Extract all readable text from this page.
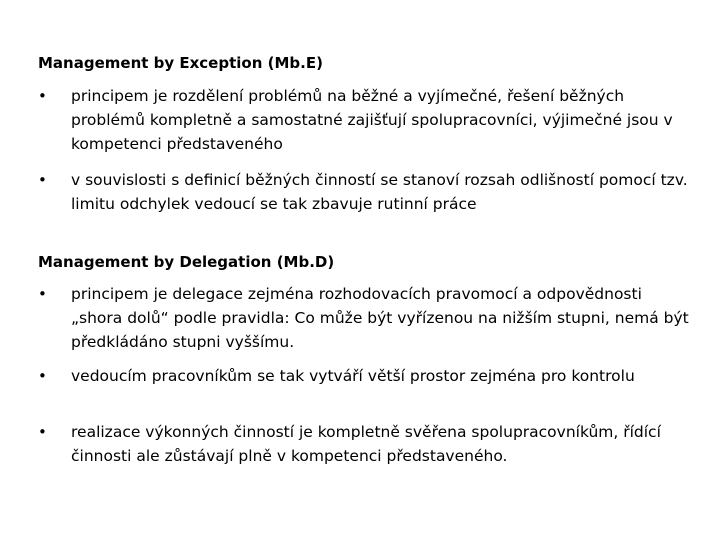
Management by Exception (Mb.E)
• principem je rozdělení problémů na běžné a vyjímečné, řešení běžných problémů kompletně a samostatné zajišťují spolupracovníci, výjimečné jsou v kompetenci představeného
• v souvislosti s definicí běžných činností se stanoví rozsah odlišností pomocí tzv. limitu odchylek vedoucí se tak zbavuje rutinní práce
Management by Delegation (Mb.D)
• principem je delegace zejména rozhodovacích pravomocí a odpovědnosti „shora dolů“ podle pravidla: Co může být vyřízenou na nižším stupni, nemá být předkládáno stupni vyššímu.
• vedoucím pracovníkům se tak vytváří větší prostor zejména pro kontrolu
• realizace výkonných činností je kompletně svěřena spolupracovníkům, řídící činnosti ale zůstávají plně v kompetenci představeného.
